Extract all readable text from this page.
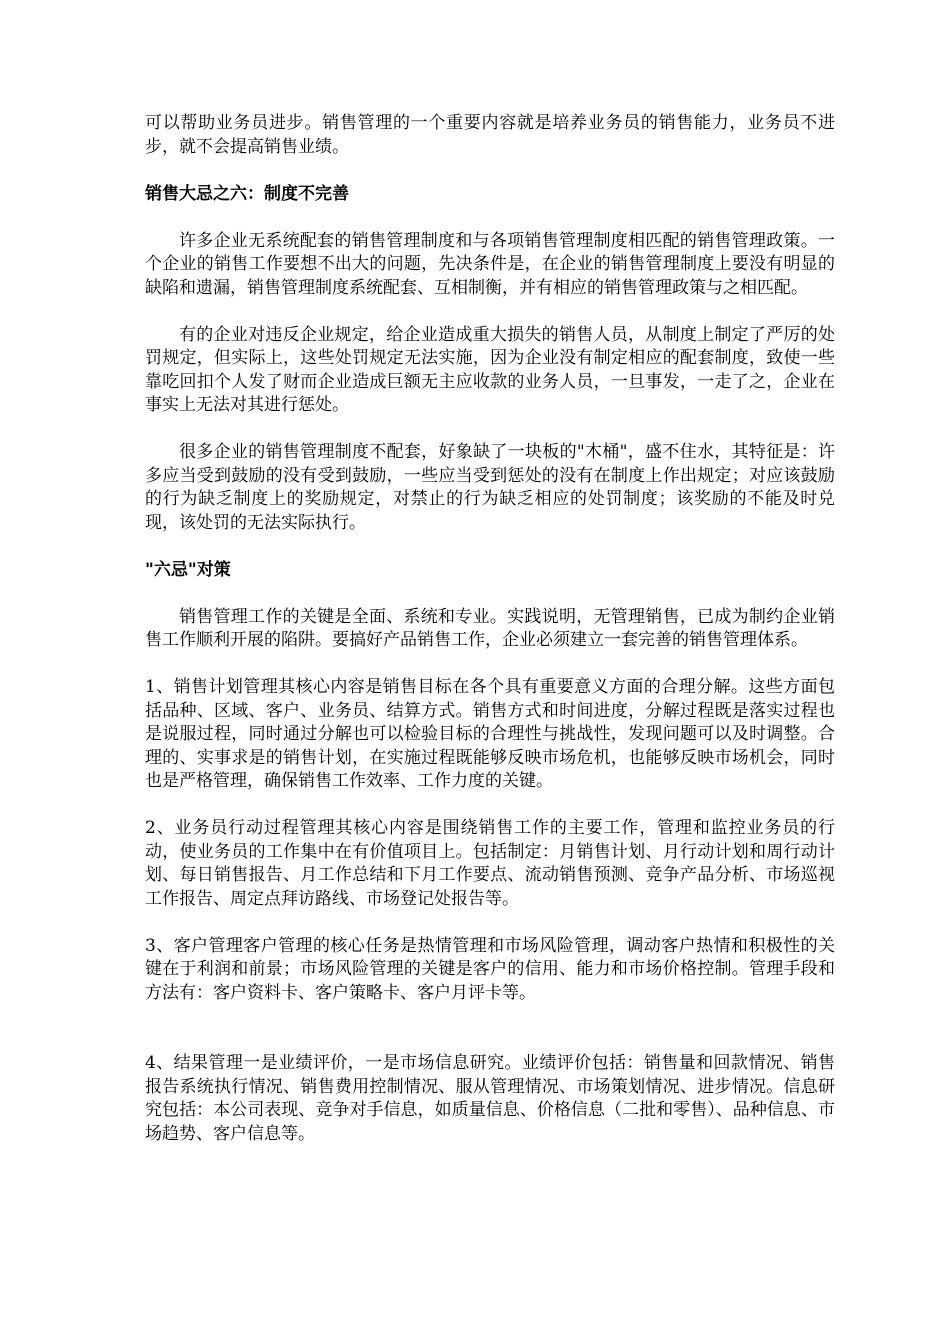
可以帮助业务员进步。销售管理的一个重要内容就是培养业务员的销售能力，业务员不进步，就不会提高销售业绩。

销售大忌之六：制度不完善

许多企业无系统配套的销售管理制度和与各项销售管理制度相匹配的销售管理政策。一个企业的销售工作要想不出大的问题，先决条件是，在企业的销售管理制度上要没有明显的缺陷和遗漏，销售管理制度系统配套、互相制衡，并有相应的销售管理政策与之相匹配。

有的企业对违反企业规定，给企业造成重大损失的销售人员，从制度上制定了严厉的处罚规定，但实际上，这些处罚规定无法实施，因为企业没有制定相应的配套制度，致使一些靠吃回扣个人发了财而企业造成巨额无主应收款的业务人员，一旦事发，一走了之，企业在事实上无法对其进行惩处。

很多企业的销售管理制度不配套，好象缺了一块板的"木桶"，盛不住水，其特征是：许多应当受到鼓励的没有受到鼓励，一些应当受到惩处的没有在制度上作出规定；对应该鼓励的行为缺乏制度上的奖励规定，对禁止的行为缺乏相应的处罚制度；该奖励的不能及时兑现，该处罚的无法实际执行。

"六忌"对策

销售管理工作的关键是全面、系统和专业。实践说明，无管理销售，已成为制约企业销售工作顺利开展的陷阱。要搞好产品销售工作，企业必须建立一套完善的销售管理体系。

1、销售计划管理其核心内容是销售目标在各个具有重要意义方面的合理分解。这些方面包括品种、区域、客户、业务员、结算方式。销售方式和时间进度，分解过程既是落实过程也是说服过程，同时通过分解也可以检验目标的合理性与挑战性，发现问题可以及时调整。合理的、实事求是的销售计划，在实施过程既能够反映市场危机，也能够反映市场机会，同时也是严格管理，确保销售工作效率、工作力度的关键。

2、业务员行动过程管理其核心内容是围绕销售工作的主要工作，管理和监控业务员的行动，使业务员的工作集中在有价值项目上。包括制定：月销售计划、月行动计划和周行动计划、每日销售报告、月工作总结和下月工作要点、流动销售预测、竞争产品分析、市场巡视工作报告、周定点拜访路线、市场登记处报告等。

3、客户管理客户管理的核心任务是热情管理和市场风险管理，调动客户热情和积极性的关键在于利润和前景；市场风险管理的关键是客户的信用、能力和市场价格控制。管理手段和方法有：客户资料卡、客户策略卡、客户月评卡等。

4、结果管理一是业绩评价，一是市场信息研究。业绩评价包括：销售量和回款情况、销售报告系统执行情况、销售费用控制情况、服从管理情况、市场策划情况、进步情况。信息研究包括：本公司表现、竞争对手信息，如质量信息、价格信息（二批和零售）、品种信息、市场趋势、客户信息等。
